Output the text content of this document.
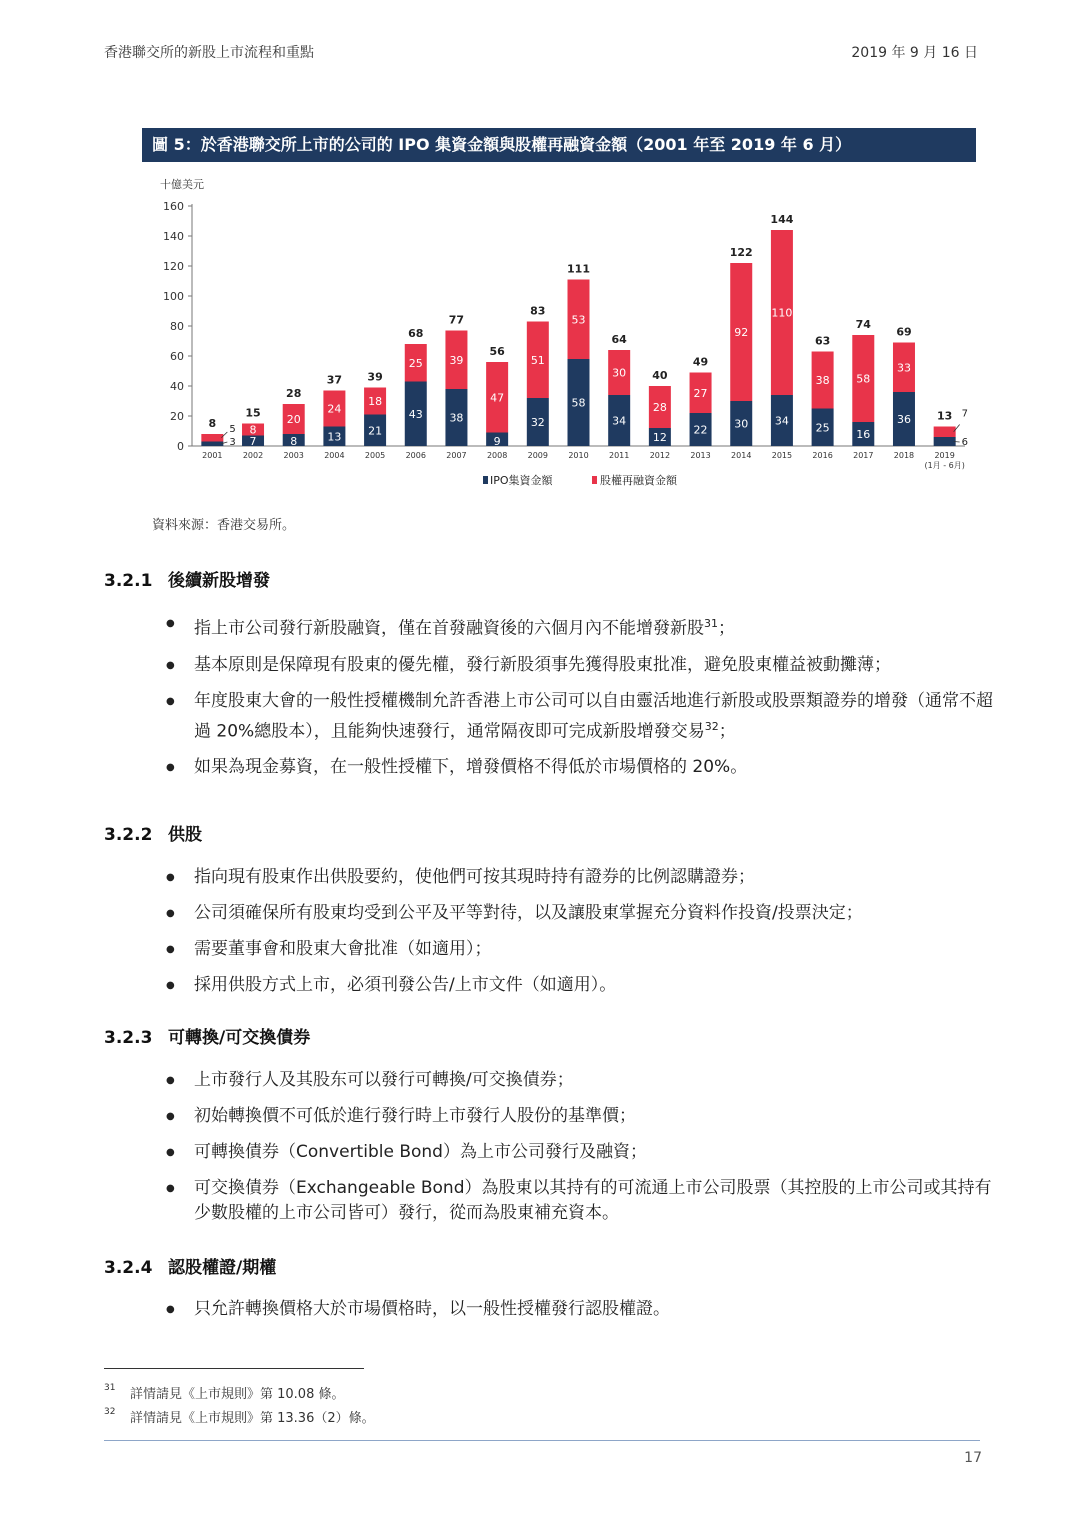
香港聯交所的新股上市流程和重點	2019 年 9 月 16 日
圖 5：於香港聯交所上市的公司的 IPO 集資金額與股權再融資金額（2001 年至 2019 年 6 月）
十億美元
0
20
40
60
80
100
120
140
160
3
5
8
2001
7
8
15
2002
8
20
28
2003
13
24
37
2004
21
18
39
2005
43
25
68
2006
38
39
77
2007
9
47
56
2008
32
51
83
2009
58
53
111
2010
34
30
64
2011
12
28
40
2012
22
27
49
2013
30
92
122
2014
34
110
144
2015
25
38
63
2016
16
58
74
2017
36
33
69
2018
6
7
13
2019
(1月 - 6月)
IPO集資金額	股權再融資金額
資料來源：香港交易所。
3.2.1 後續新股增發
● 指上市公司發行新股融資，僅在首發融資後的六個月內不能增發新股$^{31}$；
● 基本原則是保障現有股東的優先權，發行新股須事先獲得股東批准，避免股東權益被動攤薄；
● 年度股東大會的一般性授權機制允許香港上市公司可以自由靈活地進行新股或股票類證券的增發（通常不超過 20%總股本），且能夠快速發行，通常隔夜即可完成新股增發交易$^{32}$；
● 如果為現金募資，在一般性授權下，增發價格不得低於市場價格的 20%。
3.2.2 供股
● 指向現有股東作出供股要約，使他們可按其現時持有證券的比例認購證券；
● 公司須確保所有股東均受到公平及平等對待，以及讓股東掌握充分資料作投資/投票決定；
● 需要董事會和股東大會批准（如適用）；
● 採用供股方式上市，必須刊發公告/上市文件（如適用）。
3.2.3 可轉換/可交換債券
● 上市發行人及其股东可以發行可轉換/可交換債券；
● 初始轉換價不可低於進行發行時上市發行人股份的基準價；
● 可轉換債券（Convertible Bond）為上市公司發行及融資；
● 可交換債券（Exchangeable Bond）為股東以其持有的可流通上市公司股票（其控股的上市公司或其持有少數股權的上市公司皆可）發行，從而為股東補充資本。
3.2.4 認股權證/期權
● 只允許轉換價格大於市場價格時，以一般性授權發行認股權證。
31 詳情請見《上市規則》第 10.08 條。
32 詳情請見《上市規則》第 13.36（2）條。
17
